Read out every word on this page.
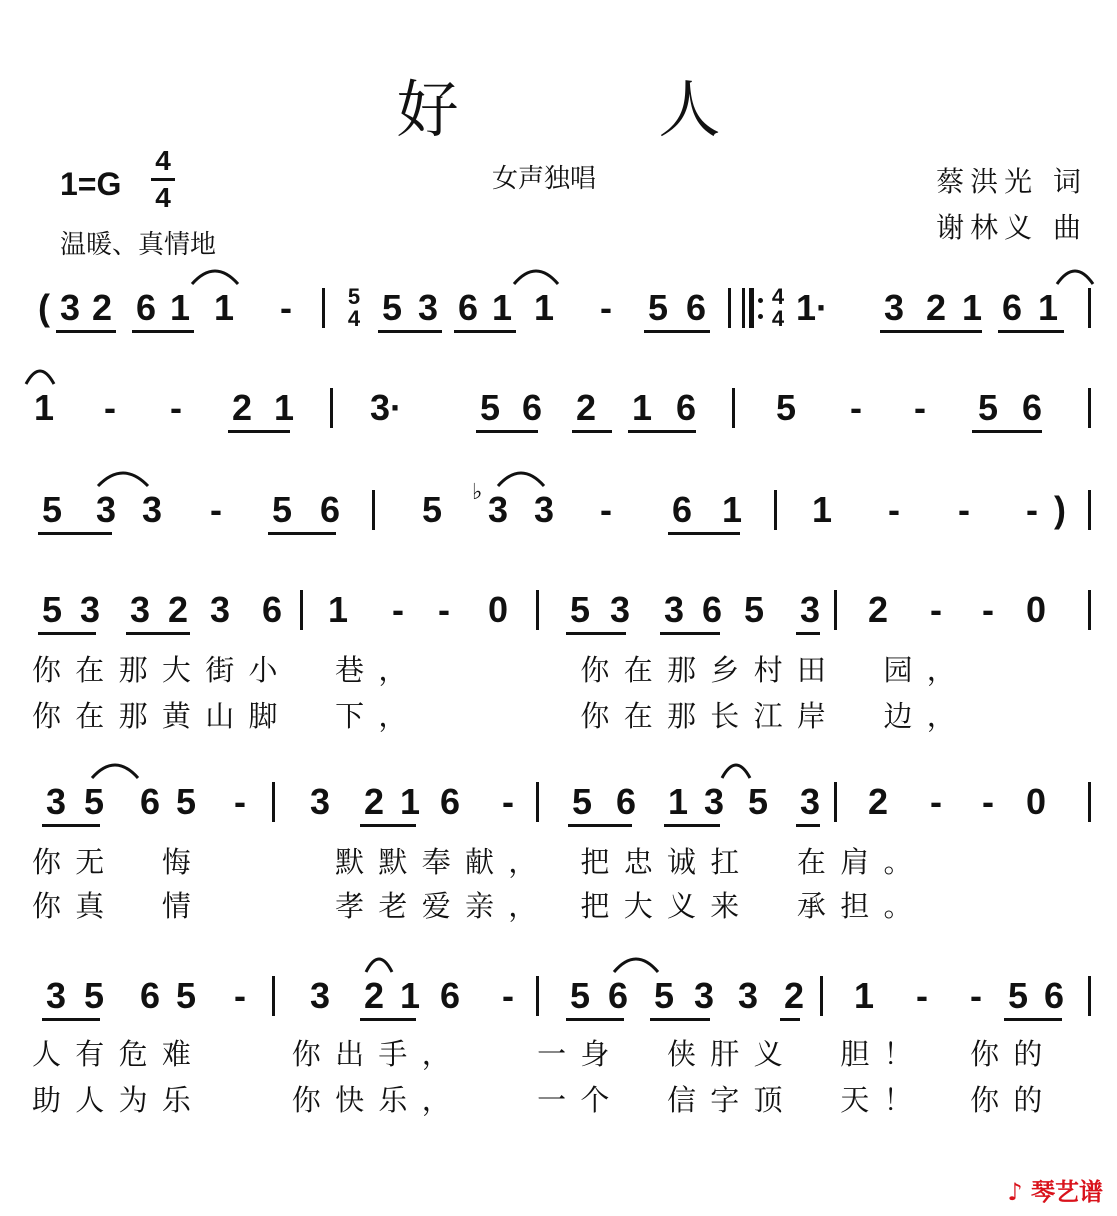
好 人
1=G
4
4
女声独唱
温暖、真情地
蔡洪光 词
谢林义 曲
( 3 2 6 1 1 -	5
4 5 3 6 1 1 - 5 6	4
4 1· 3 2 1 6 1
1 - - 2 1 3· 5 6 2 1 6 5 - - 5 6
5 3 3 - 5 6 5 ♭ 3 3 - 6 1 1 - - - )
5 3 3 2 3 6 1 - - 0 5 3 3 6 5 3 2 - - 0
3 5 6 5 - 3 2 1 6 - 5 6 1 3 5 3 2 - - 0
3 5 6 5 - 3 2 1 6 - 5 6 5 3 3 2 1 - - 5 6
你在那大街小　巷，　　　　你在那乡村田　园，
你在那黄山脚　下，　　　　你在那长江岸　边，
你无　悔　　　默默奉献，　把忠诚扛　在肩。
你真　情　　　孝老爱亲，　把大义来　承担。
人有危难　　你出手，　　一身　侠肝义　胆！　你的
助人为乐　　你快乐，　　一个　信字顶　天！　你的
♪ 琴艺谱
